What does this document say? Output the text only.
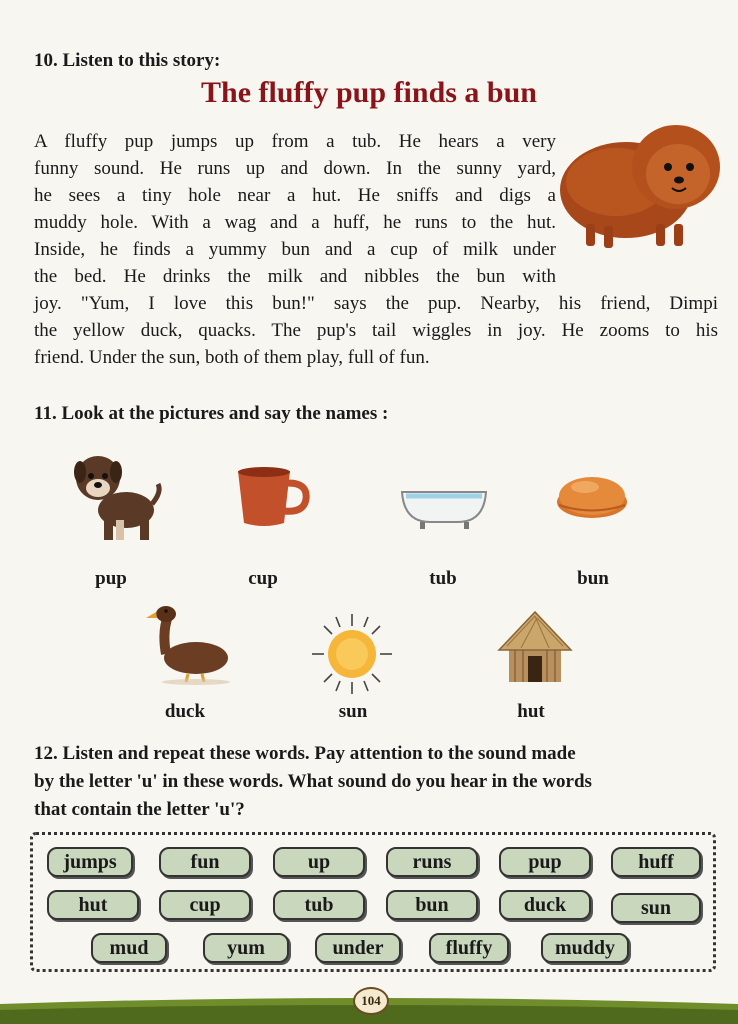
10. Listen to this story:
The fluffy pup finds a bun
A fluffy pup jumps up from a tub. He hears a very
funny sound. He runs up and down. In the sunny yard,
he sees a tiny hole near a hut. He sniffs and digs a
muddy hole. With a wag and a huff, he runs to the hut.
Inside, he finds a yummy bun and a cup of milk under
the bed. He drinks the milk and nibbles the bun with
joy. "Yum, I love this bun!" says the pup. Nearby, his friend, Dimpi
the yellow duck, quacks. The pup's tail wiggles in joy. He zooms to his
friend. Under the sun, both of them play, full of fun.
11. Look at the pictures and say the names :
pup	cup	tub	bun
duck	sun	hut
12. Listen and repeat these words. Pay attention to the sound made
by the letter 'u' in these words. What sound do you hear in the words
that contain the letter 'u'?
jumps	fun	up	runs	pup	huff
hut	cup	tub	bun	duck	sun
mud	yum	under	fluffy	muddy
104
